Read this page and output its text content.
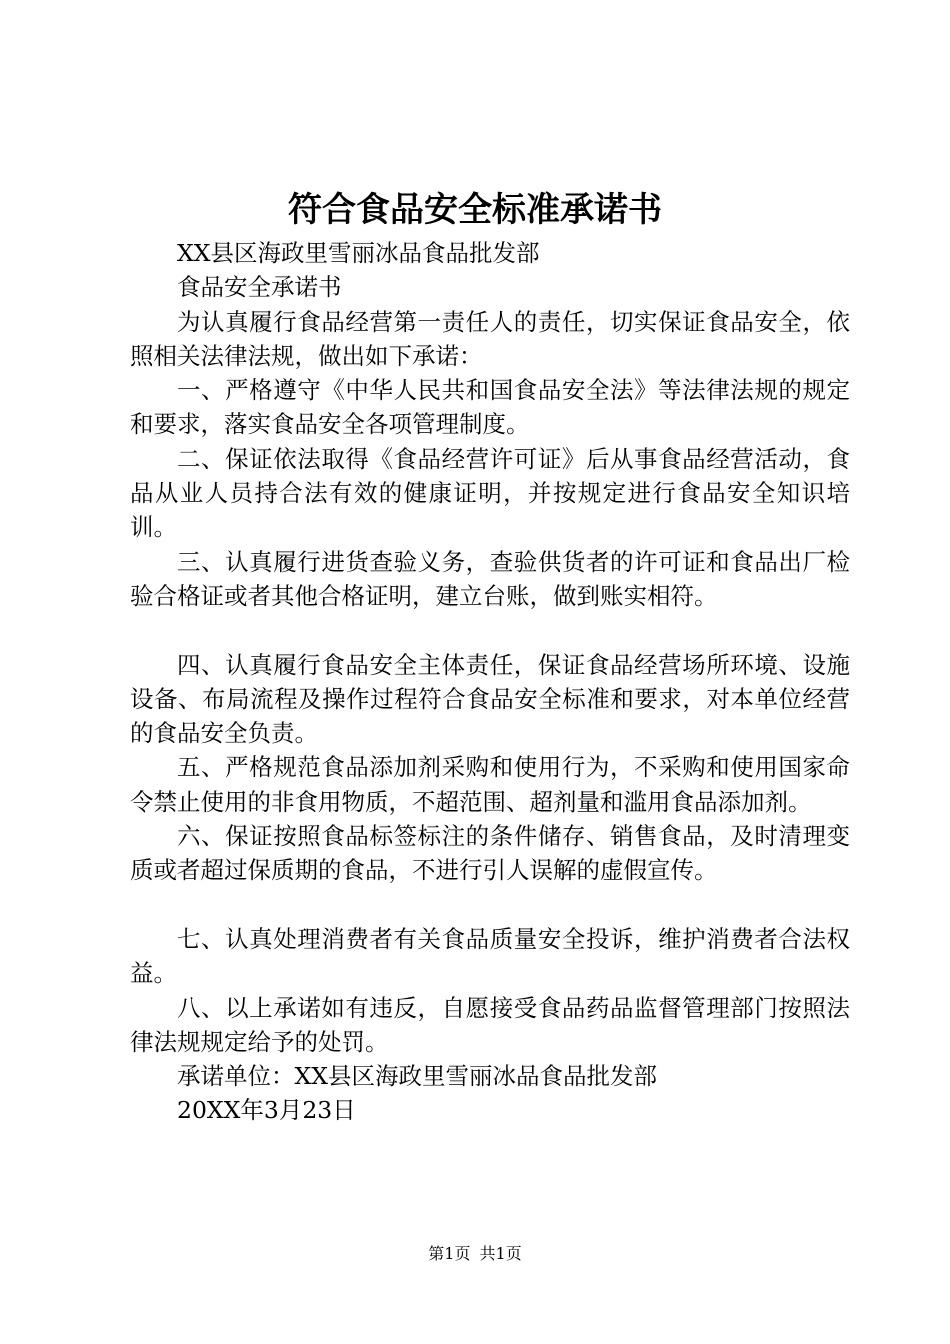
符合食品安全标准承诺书

XX县区海政里雪丽冰品食品批发部

食品安全承诺书

为认真履行食品经营第一责任人的责任，切实保证食品安全，依照相关法律法规，做出如下承诺：

一、严格遵守《中华人民共和国食品安全法》等法律法规的规定和要求，落实食品安全各项管理制度。

二、保证依法取得《食品经营许可证》后从事食品经营活动，食品从业人员持合法有效的健康证明，并按规定进行食品安全知识培训。

三、认真履行进货查验义务，查验供货者的许可证和食品出厂检验合格证或者其他合格证明，建立台账，做到账实相符。

四、认真履行食品安全主体责任，保证食品经营场所环境、设施设备、布局流程及操作过程符合食品安全标准和要求，对本单位经营的食品安全负责。

五、严格规范食品添加剂采购和使用行为，不采购和使用国家命令禁止使用的非食用物质，不超范围、超剂量和滥用食品添加剂。

六、保证按照食品标签标注的条件储存、销售食品，及时清理变质或者超过保质期的食品，不进行引人误解的虚假宣传。

七、认真处理消费者有关食品质量安全投诉，维护消费者合法权益。

八、以上承诺如有违反，自愿接受食品药品监督管理部门按照法律法规规定给予的处罚。

承诺单位：XX县区海政里雪丽冰品食品批发部

20XX年3月23日

第1页 共1页
